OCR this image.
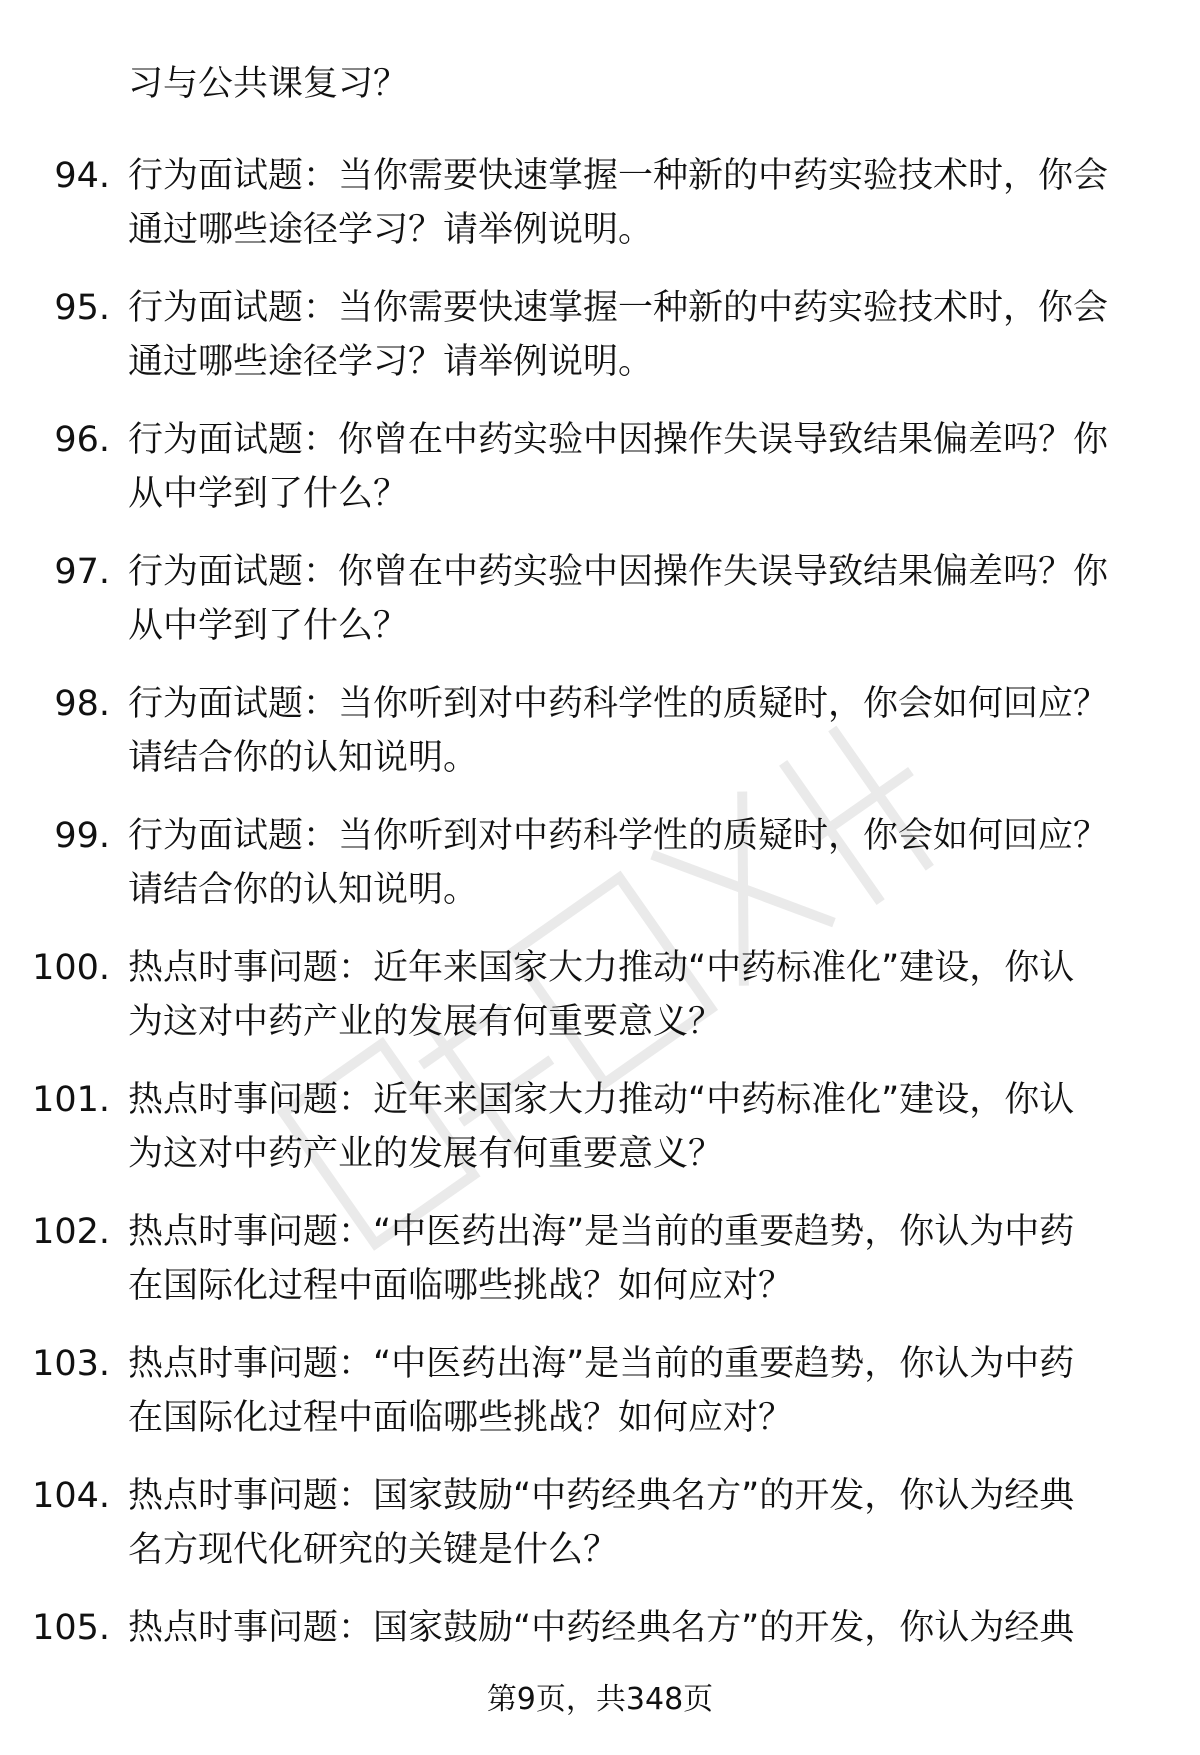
习与公共课复习？
94. 行为面试题：当你需要快速掌握一种新的中药实验技术时，你会
通过哪些途径学习？请举例说明。
95. 行为面试题：当你需要快速掌握一种新的中药实验技术时，你会
通过哪些途径学习？请举例说明。
96. 行为面试题：你曾在中药实验中因操作失误导致结果偏差吗？你
从中学到了什么？
97. 行为面试题：你曾在中药实验中因操作失误导致结果偏差吗？你
从中学到了什么？
98. 行为面试题：当你听到对中药科学性的质疑时，你会如何回应？
请结合你的认知说明。
99. 行为面试题：当你听到对中药科学性的质疑时，你会如何回应？
请结合你的认知说明。
100. 热点时事问题：近年来国家大力推动“中药标准化”建设，你认
为这对中药产业的发展有何重要意义？
101. 热点时事问题：近年来国家大力推动“中药标准化”建设，你认
为这对中药产业的发展有何重要意义？
102. 热点时事问题：“中医药出海”是当前的重要趋势，你认为中药
在国际化过程中面临哪些挑战？如何应对？
103. 热点时事问题：“中医药出海”是当前的重要趋势，你认为中药
在国际化过程中面临哪些挑战？如何应对？
104. 热点时事问题：国家鼓励“中药经典名方”的开发，你认为经典
名方现代化研究的关键是什么？
105. 热点时事问题：国家鼓励“中药经典名方”的开发，你认为经典
第9页，共348页
